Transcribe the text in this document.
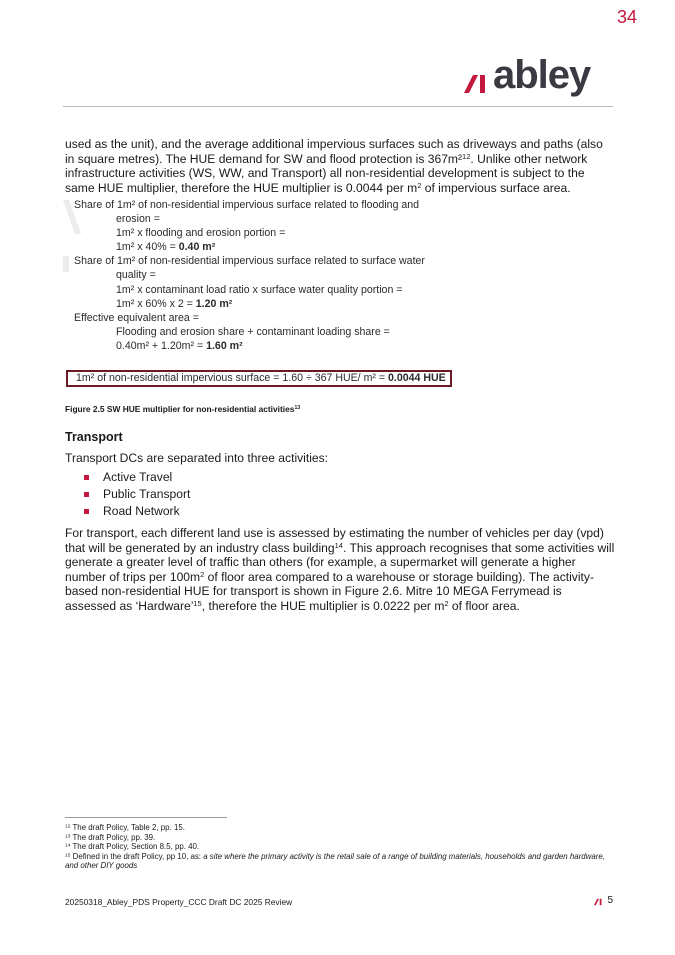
34
abley
used as the unit), and the average additional impervious surfaces such as driveways and paths (also in square metres). The HUE demand for SW and flood protection is 367m²$^{12}$. Unlike other network infrastructure activities (WS, WW, and Transport) all non-residential development is subject to the same HUE multiplier, therefore the HUE multiplier is 0.0044 per $m^2$ of impervious surface area.
Share of 1m² of non-residential impervious surface related to flooding and
erosion =
1m² x flooding and erosion portion =
1m² x 40% = 0.40 m²
Share of 1m² of non-residential impervious surface related to surface water
quality =
1m² x contaminant load ratio x surface water quality portion =
1m² x 60% x 2 = 1.20 m²
Effective equivalent area =
Flooding and erosion share + contaminant loading share =
0.40m² + 1.20m² = 1.60 m²
1m² of non-residential impervious surface = 1.60 ÷ 367 HUE/ m² = 0.0044 HUE
Figure 2.5 SW HUE multiplier for non-residential activities$^{13}$
Transport
Transport DCs are separated into three activities:
Active Travel
Public Transport
Road Network
For transport, each different land use is assessed by estimating the number of vehicles per day (vpd) that will be generated by an industry class building$^{14}$. This approach recognises that some activities will generate a greater level of traffic than others (for example, a supermarket will generate a higher number of trips per $100m^2$ of floor area compared to a warehouse or storage building). The activity-based non-residential HUE for transport is shown in Figure 2.6. Mitre 10 MEGA Ferrymead is assessed as ‘Hardware’$^{15}$, therefore the HUE multiplier is 0.0222 per $m^2$ of floor area.
$^{12}$ The draft Policy, Table 2, pp. 15.
$^{13}$ The draft Policy, pp. 39.
$^{14}$ The draft Policy, Section 8.5, pp. 40.
$^{15}$ Defined in the draft Policy, pp 10, as: a site where the primary activity is the retail sale of a range of building materials, households and garden hardware, and other DIY goods
20250318_Abley_PDS Property_CCC Draft DC 2025 Review	5
